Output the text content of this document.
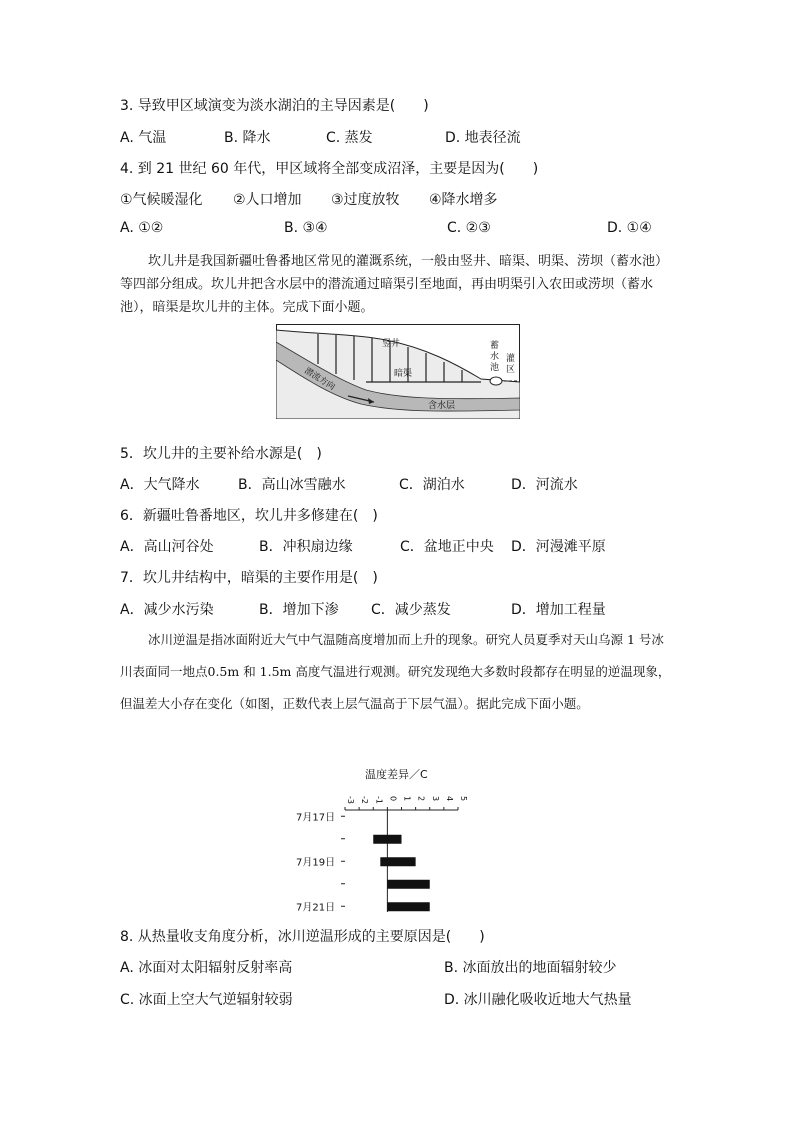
3. 导致甲区域演变为淡水湖泊的主导因素是(　　)
A. 气温	B. 降水	C. 蒸发	D. 地表径流
4. 到 21 世纪 60 年代，甲区域将全部变成沼泽，主要是因为(　　)
①气候暖湿化 ②人口增加 ③过度放牧 ④降水增多
A. ①②	B. ③④	C. ②③	D. ①④
坎儿井是我国新疆吐鲁番地区常见的灌溉系统，一般由竖井、暗渠、明渠、涝坝（蓄水池）等四部分组成。坎儿井把含水层中的潜流通过暗渠引至地面，再由明渠引入农田或涝坝（蓄水池），暗渠是坎儿井的主体。完成下面小题。
竖井
暗渠
含水层
潜流方向
蓄
水
池
灌
区
5．坎儿井的主要补给水源是(　)
A．大气降水	B．高山冰雪融水	C．湖泊水	D．河流水
6．新疆吐鲁番地区，坎儿井多修建在(　)
A．高山河谷处	B．冲积扇边缘	C．盆地正中央 D．河漫滩平原
7．坎儿井结构中，暗渠的主要作用是(　)
A．减少水污染	B．增加下渗 C．减少蒸发	D．增加工程量
冰川逆温是指冰面附近大气中气温随高度增加而上升的现象。研究人员夏季对天山乌源 1 号冰川表面同一地点0.5m 和 1.5m 高度气温进行观测。研究发现绝大多数时段都存在明显的逆温现象，但温差大小存在变化（如图，正数代表上层气温高于下层气温）。据此完成下面小题。
温度差异／C
-3 -2 -1 0 1 2 3 4 5
7月17日
7月19日
7月21日
8. 从热量收支角度分析，冰川逆温形成的主要原因是(　　)
A. 冰面对太阳辐射反射率高	B. 冰面放出的地面辐射较少
C. 冰面上空大气逆辐射较弱	D. 冰川融化吸收近地大气热量
